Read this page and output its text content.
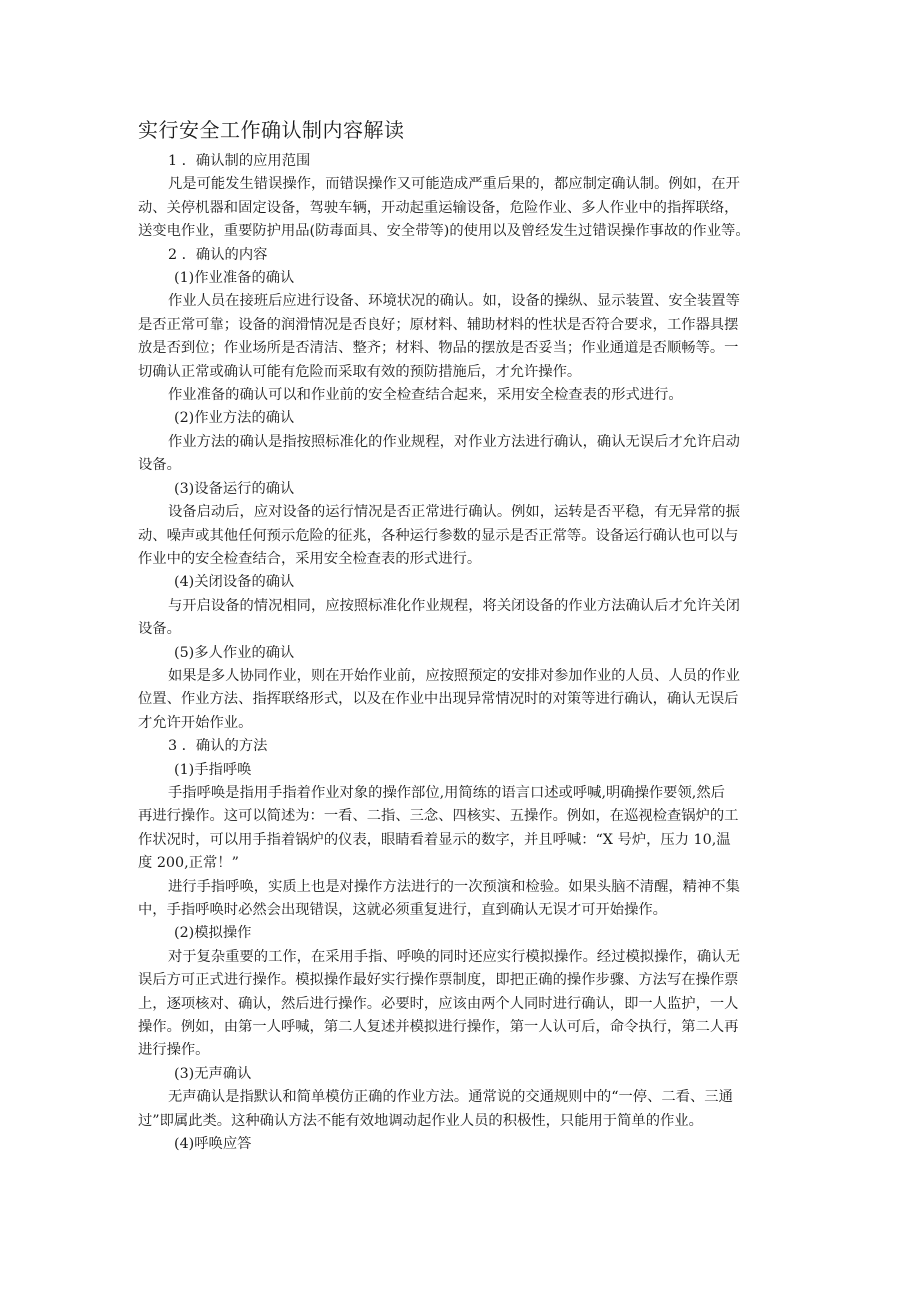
实行安全工作确认制内容解读

1 ．确认制的应用范围

凡是可能发生错误操作，而错误操作又可能造成严重后果的，都应制定确认制。例如，在开

动、关停机器和固定设备，驾驶车辆，开动起重运输设备，危险作业、多人作业中的指挥联络，

送变电作业，重要防护用品(防毒面具、安全带等)的使用以及曾经发生过错误操作事故的作业等。

2 ．确认的内容

(1)作业准备的确认

作业人员在接班后应进行设备、环境状况的确认。如，设备的操纵、显示装置、安全装置等

是否正常可靠；设备的润滑情况是否良好；原材料、辅助材料的性状是否符合要求，工作器具摆

放是否到位；作业场所是否清洁、整齐；材料、物品的摆放是否妥当；作业通道是否顺畅等。一

切确认正常或确认可能有危险而采取有效的预防措施后，才允许操作。

作业准备的确认可以和作业前的安全检查结合起来，采用安全检查表的形式进行。

(2)作业方法的确认

作业方法的确认是指按照标准化的作业规程，对作业方法进行确认，确认无误后才允许启动

设备。

(3)设备运行的确认

设备启动后，应对设备的运行情况是否正常进行确认。例如，运转是否平稳，有无异常的振

动、噪声或其他任何预示危险的征兆，各种运行参数的显示是否正常等。设备运行确认也可以与

作业中的安全检查结合，采用安全检查表的形式进行。

(4)关闭设备的确认

与开启设备的情况相同，应按照标准化作业规程，将关闭设备的作业方法确认后才允许关闭

设备。

(5)多人作业的确认

如果是多人协同作业，则在开始作业前，应按照预定的安排对参加作业的人员、人员的作业

位置、作业方法、指挥联络形式，以及在作业中出现异常情况时的对策等进行确认，确认无误后

才允许开始作业。

3 ．确认的方法

(1)手指呼唤

手指呼唤是指用手指着作业对象的操作部位,用简练的语言口述或呼喊,明确操作要领,然后

再进行操作。这可以简述为：一看、二指、三念、四核实、五操作。例如，在巡视检查锅炉的工

作状况时，可以用手指着锅炉的仪表，眼睛看着显示的数字，并且呼喊：“X 号炉，压力 10,温

度 200,正常！”

进行手指呼唤，实质上也是对操作方法进行的一次预演和检验。如果头脑不清醒，精神不集

中，手指呼唤时必然会出现错误，这就必须重复进行，直到确认无误才可开始操作。

(2)模拟操作

对于复杂重要的工作，在采用手指、呼唤的同时还应实行模拟操作。经过模拟操作，确认无

误后方可正式进行操作。模拟操作最好实行操作票制度，即把正确的操作步骤、方法写在操作票

上，逐项核对、确认，然后进行操作。必要时，应该由两个人同时进行确认，即一人监护，一人

操作。例如，由第一人呼喊，第二人复述并模拟进行操作，第一人认可后，命令执行，第二人再

进行操作。

(3)无声确认

无声确认是指默认和简单模仿正确的作业方法。通常说的交通规则中的“一停、二看、三通

过”即属此类。这种确认方法不能有效地调动起作业人员的积极性，只能用于简单的作业。

(4)呼唤应答
